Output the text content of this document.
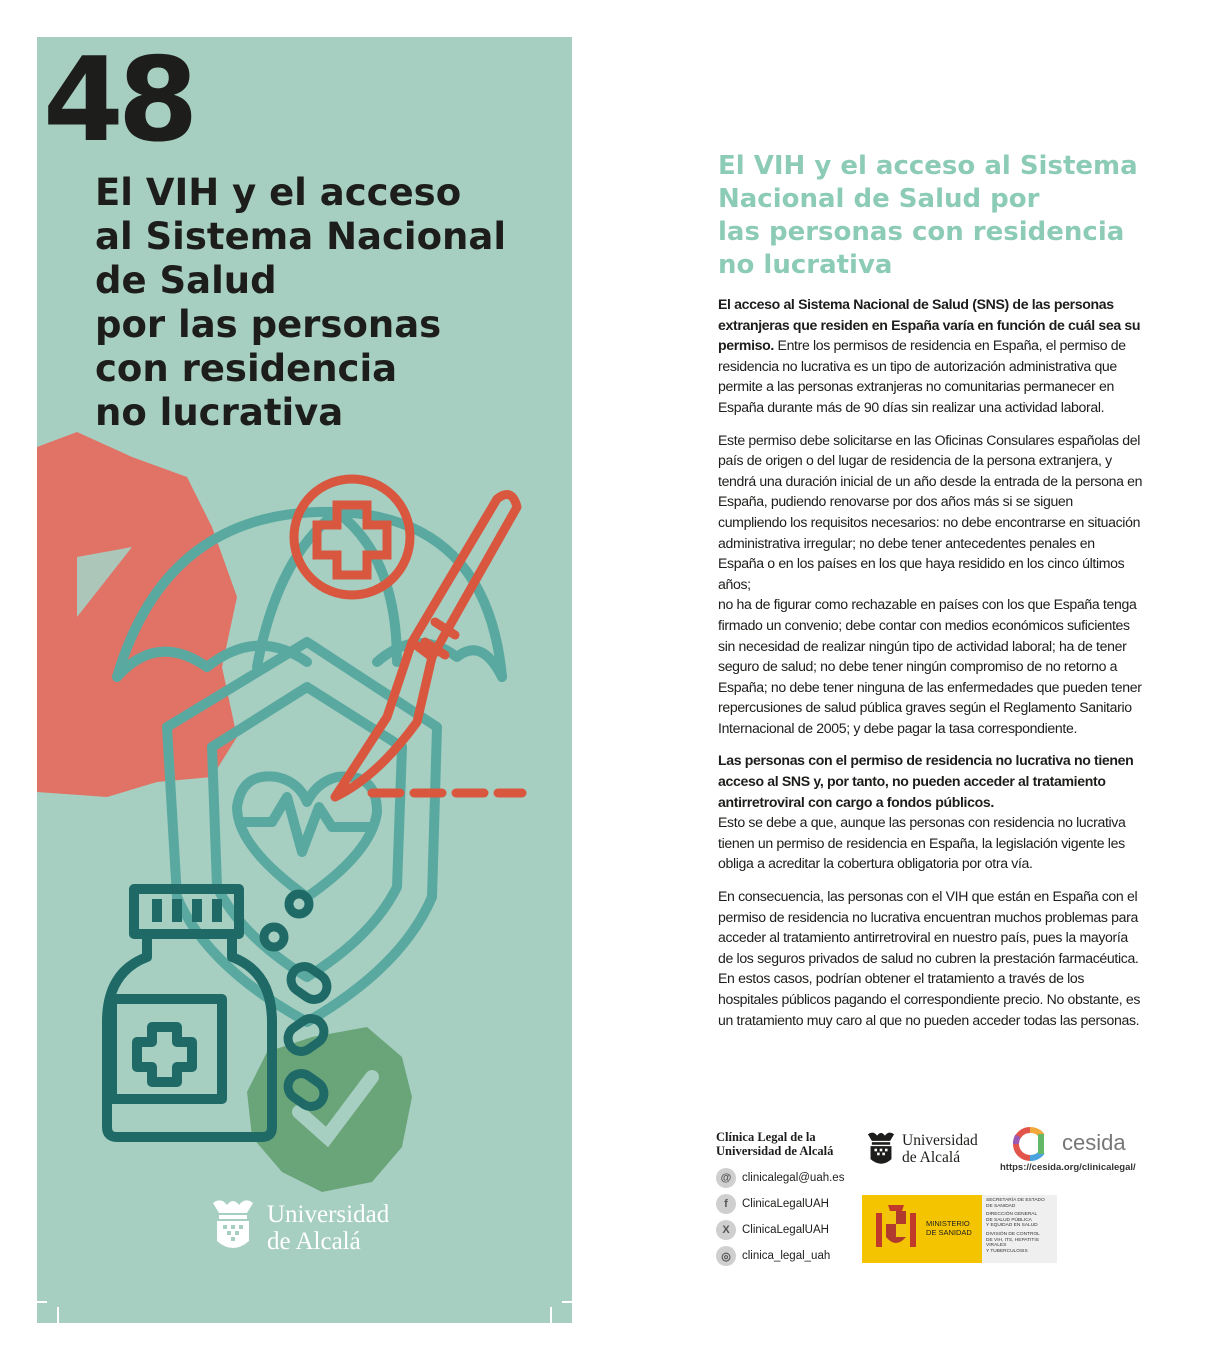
48
El VIH y el acceso
al Sistema Nacional
de Salud
por las personas
con residencia
no lucrativa
Universidad
de Alcalá
El VIH y el acceso al Sistema
Nacional de Salud por
las personas con residencia
no lucrativa

El acceso al Sistema Nacional de Salud (SNS) de las personas extranjeras que residen en España varía en función de cuál sea su permiso. Entre los permisos de residencia en España, el permiso de residencia no lucrativa es un tipo de autorización administrativa que permite a las personas extranjeras no comunitarias permanecer en España durante más de 90 días sin realizar una actividad laboral.

Este permiso debe solicitarse en las Oficinas Consulares españolas del país de origen o del lugar de residencia de la persona extranjera, y tendrá una duración inicial de un año desde la entrada de la persona en España, pudiendo renovarse por dos años más si se siguen cumpliendo los requisitos necesarios: no debe encontrarse en situación administrativa irregular; no debe tener antecedentes penales en España o en los países en los que haya residido en los cinco últimos años;

no ha de figurar como rechazable en países con los que España tenga firmado un convenio; debe contar con medios económicos suficientes sin necesidad de realizar ningún tipo de actividad laboral; ha de tener seguro de salud; no debe tener ningún compromiso de no retorno a España; no debe tener ninguna de las enfermedades que pueden tener repercusiones de salud pública graves según el Reglamento Sanitario Internacional de 2005; y debe pagar la tasa correspondiente.

Las personas con el permiso de residencia no lucrativa no tienen acceso al SNS y, por tanto, no pueden acceder al tratamiento antirretroviral con cargo a fondos públicos.
Esto se debe a que, aunque las personas con residencia no lucrativa tienen un permiso de residencia en España, la legislación vigente les obliga a acreditar la cobertura obligatoria por otra vía.

En consecuencia, las personas con el VIH que están en España con el permiso de residencia no lucrativa encuentran muchos problemas para acceder al tratamiento antirretroviral en nuestro país, pues la mayoría de los seguros privados de salud no cubren la prestación farmacéutica. En estos casos, podrían obtener el tratamiento a través de los hospitales públicos pagando el correspondiente precio. No obstante, es un tratamiento muy caro al que no pueden acceder todas las personas.

Clínica Legal de la
Universidad de Alcalá
@ clinicalegal@uah.es
f	ClinicaLegalUAH
X	ClinicaLegalUAH
◎ clinica_legal_uah
Universidad
de Alcalá
cesida
https://cesida.org/clinicalegal/
MINISTERIO
DE SANIDAD
SECRETARÍA DE ESTADO
DE SANIDAD
DIRECCIÓN GENERAL
DE SALUD PÚBLICA
Y EQUIDAD EN SALUD
DIVISIÓN DE CONTROL
DE VIH, ITS, HEPATITIS VIRALES
Y TUBERCULOSIS
